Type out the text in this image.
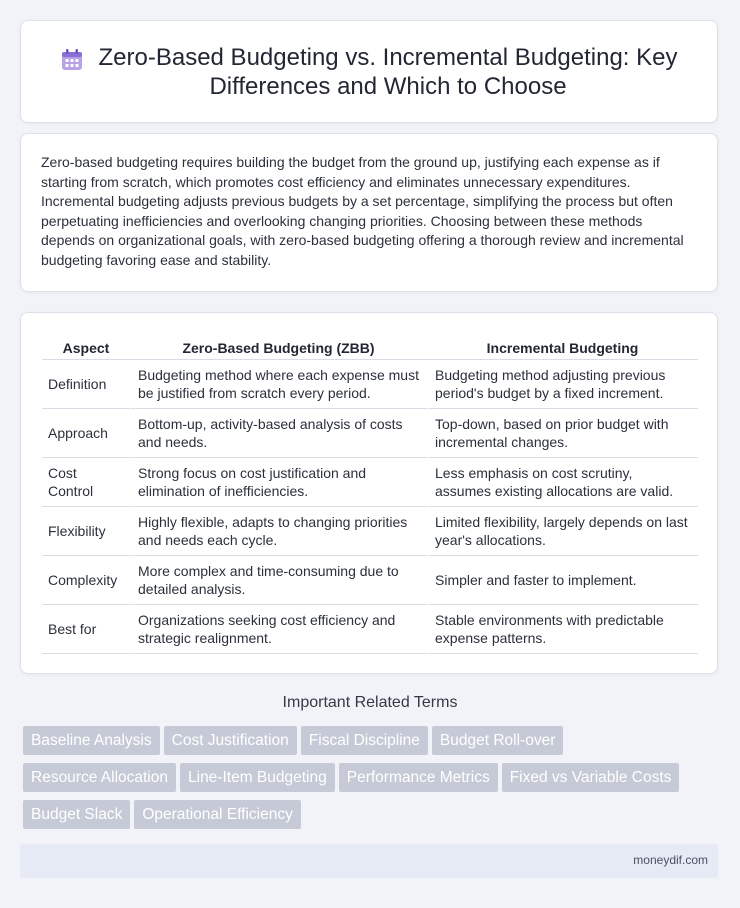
Zero-Based Budgeting vs. Incremental Budgeting: Key Differences and Which to Choose

Zero-based budgeting requires building the budget from the ground up, justifying each expense as if starting from scratch, which promotes cost efficiency and eliminates unnecessary expenditures. Incremental budgeting adjusts previous budgets by a set percentage, simplifying the process but often perpetuating inefficiencies and overlooking changing priorities. Choosing between these methods depends on organizational goals, with zero-based budgeting offering a thorough review and incremental budgeting favoring ease and stability.

Aspect	Zero-Based Budgeting (ZBB)	Incremental Budgeting
Definition	Budgeting method where each expense must be justified from scratch every period.	Budgeting method adjusting previous period's budget by a fixed increment.
Approach	Bottom-up, activity-based analysis of costs and needs.	Top-down, based on prior budget with incremental changes.
Cost Control	Strong focus on cost justification and elimination of inefficiencies.	Less emphasis on cost scrutiny, assumes existing allocations are valid.
Flexibility	Highly flexible, adapts to changing priorities and needs each cycle.	Limited flexibility, largely depends on last year's allocations.
Complexity	More complex and time-consuming due to detailed analysis.	Simpler and faster to implement.
Best for	Organizations seeking cost efficiency and strategic realignment.	Stable environments with predictable expense patterns.
Important Related Terms
Baseline Analysis Cost Justification Fiscal Discipline Budget Roll-over
Resource Allocation Line-Item Budgeting Performance Metrics Fixed vs Variable Costs
Budget Slack Operational Efficiency
moneydif.com
